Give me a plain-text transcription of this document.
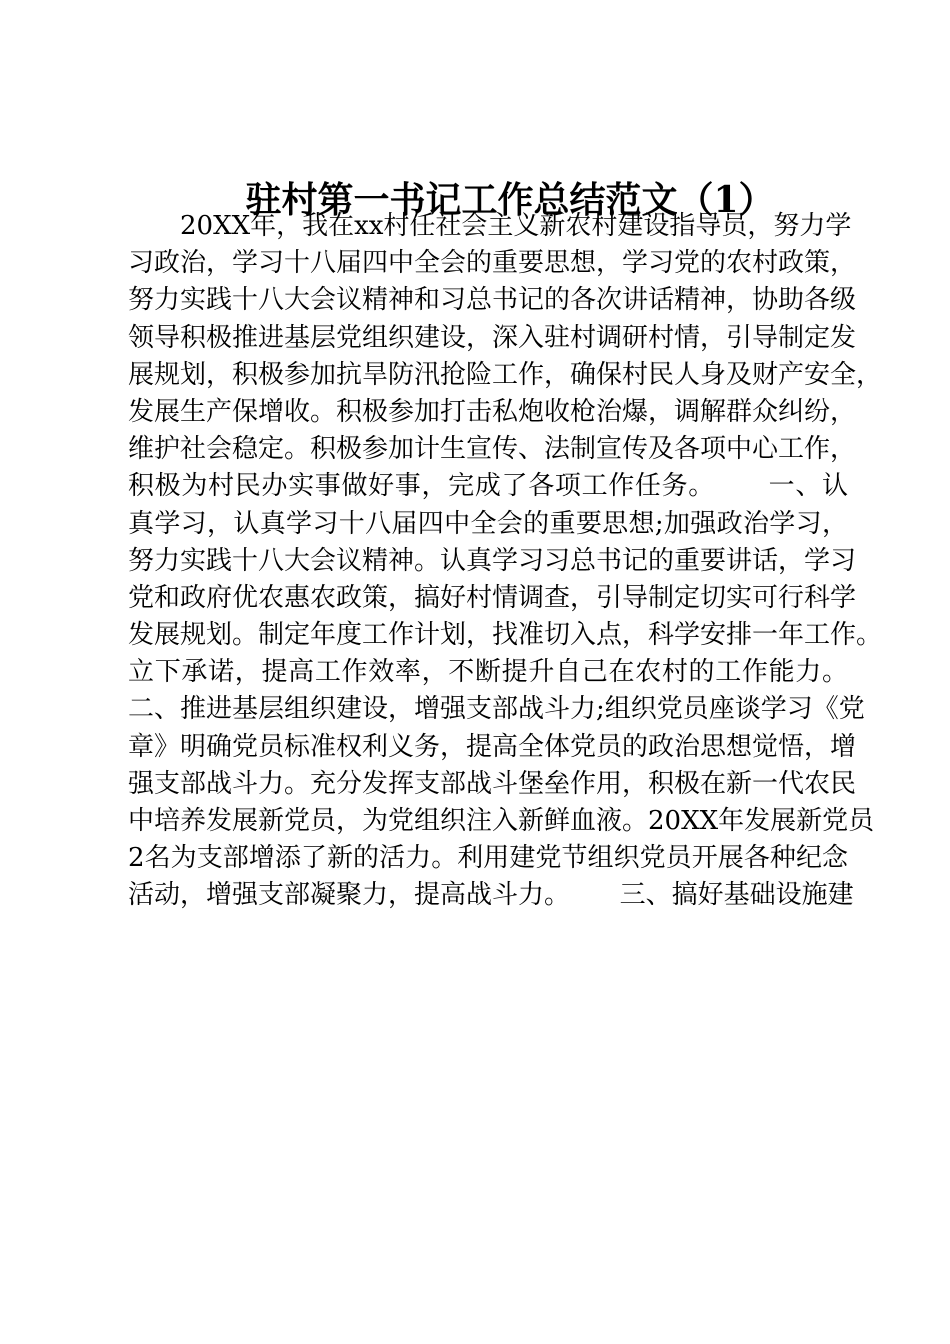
驻村第一书记工作总结范文（1）
20XX年，我在xx村任社会主义新农村建设指导员，努力学
习政治，学习十八届四中全会的重要思想，学习党的农村政策，
努力实践十八大会议精神和习总书记的各次讲话精神，协助各级
领导积极推进基层党组织建设，深入驻村调研村情，引导制定发
展规划，积极参加抗旱防汛抢险工作，确保村民人身及财产安全，
发展生产保增收。积极参加打击私炮收枪治爆，调解群众纠纷，
维护社会稳定。积极参加计生宣传、法制宣传及各项中心工作，
积极为村民办实事做好事，完成了各项工作任务。      一、认
真学习，认真学习十八届四中全会的重要思想;加强政治学习，
努力实践十八大会议精神。认真学习习总书记的重要讲话，学习
党和政府优农惠农政策，搞好村情调查，引导制定切实可行科学
发展规划。制定年度工作计划，找准切入点，科学安排一年工作。
立下承诺，提高工作效率，不断提升自己在农村的工作能力。
二、推进基层组织建设，增强支部战斗力;组织党员座谈学习《党
章》明确党员标准权利义务，提高全体党员的政治思想觉悟，增
强支部战斗力。充分发挥支部战斗堡垒作用，积极在新一代农民
中培养发展新党员，为党组织注入新鲜血液。20XX年发展新党员
2名为支部增添了新的活力。利用建党节组织党员开展各种纪念
活动，增强支部凝聚力，提高战斗力。      三、搞好基础设施建
